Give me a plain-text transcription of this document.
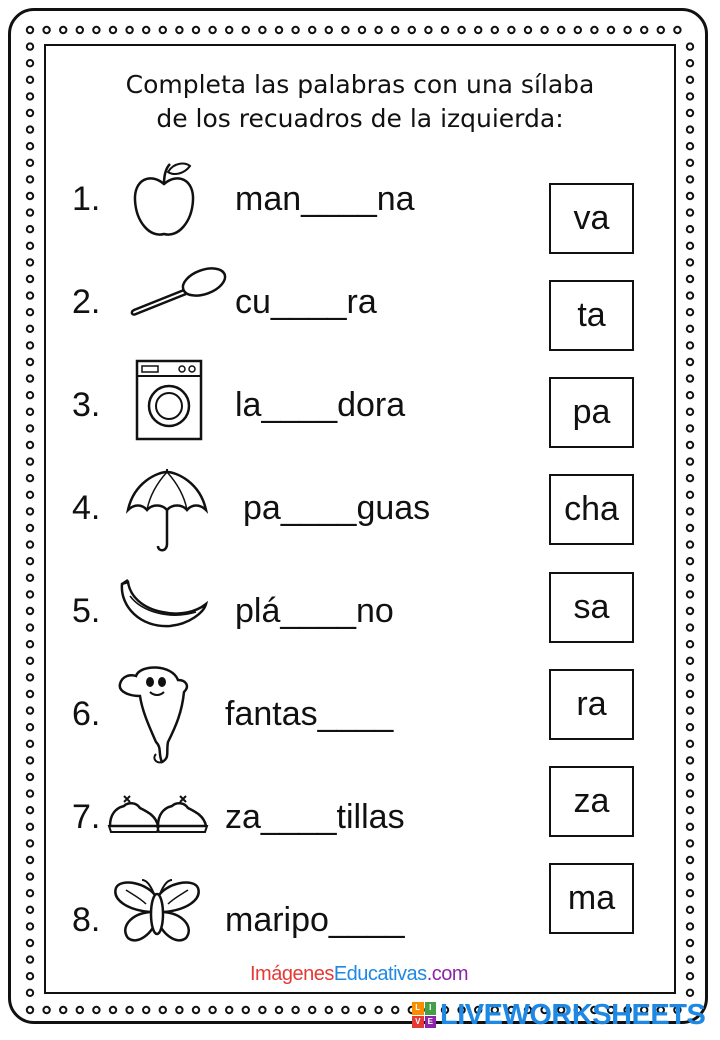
Completa las palabras con una sílaba
de los recuadros de la izquierda:
1.	man____na
2.	cu____ra
3.	la____dora
4.	pa____guas
5.	plá____no
6.	fantas____
7.	za____tillas
8.	maripo____
va
ta
pa
cha
sa
ra
za
ma
ImágenesEducativas.com
L	I
V E LIVEWORKSHEETS
